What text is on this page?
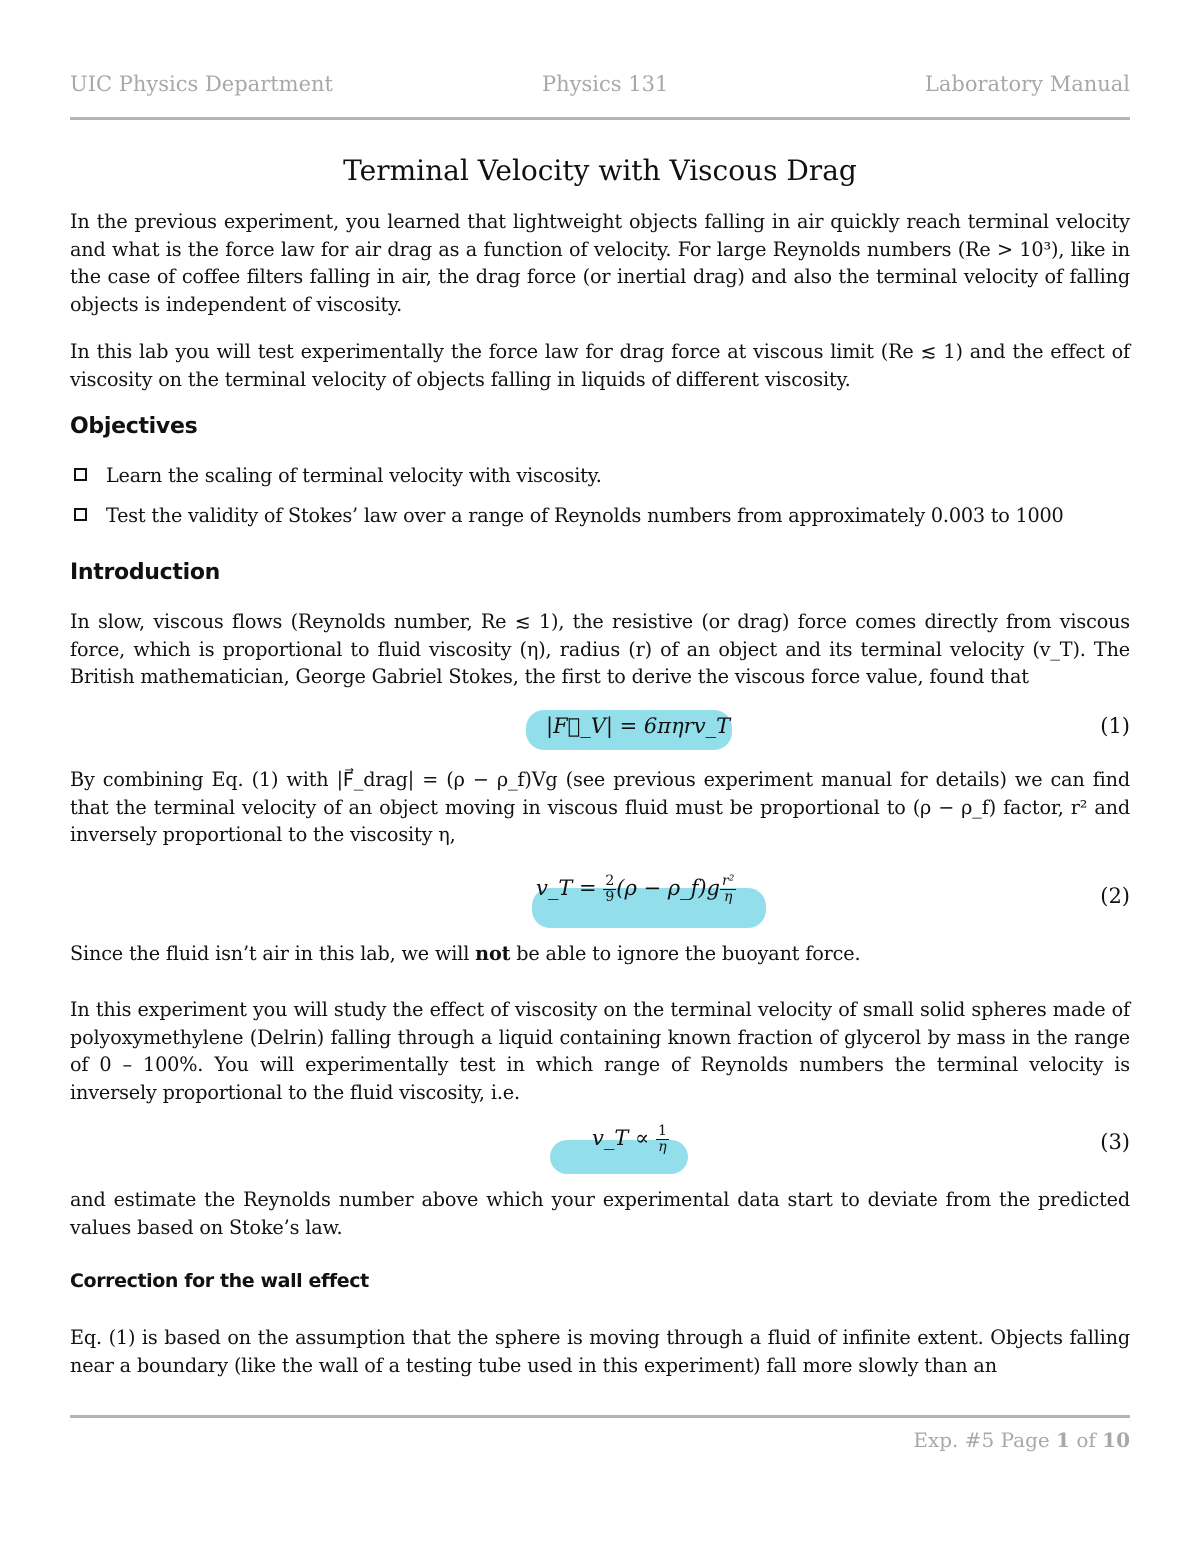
UIC Physics Department	Physics 131	Laboratory Manual
Terminal Velocity with Viscous Drag

In the previous experiment, you learned that lightweight objects falling in air quickly reach terminal velocity and what is the force law for air drag as a function of velocity. For large Reynolds numbers (Re > 10³), like in the case of coffee filters falling in air, the drag force (or inertial drag) and also the terminal velocity of falling objects is independent of viscosity.

In this lab you will test experimentally the force law for drag force at viscous limit (Re ≲ 1) and the effect of viscosity on the terminal velocity of objects falling in liquids of different viscosity.

Objectives
Learn the scaling of terminal velocity with viscosity.
Test the validity of Stokes’ law over a range of Reynolds numbers from approximately 0.003 to 1000
Introduction

In slow, viscous flows (Reynolds number, Re ≲ 1), the resistive (or drag) force comes directly from viscous force, which is proportional to fluid viscosity (η), radius (r) of an object and its terminal velocity (v_T). The British mathematician, George Gabriel Stokes, the first to derive the viscous force value, found that

|F⃗_V| = 6πηrv_T	(1)

By combining Eq. (1) with |F⃗_drag| = (ρ − ρ_f)Vg (see previous experiment manual for details) we can find that the terminal velocity of an object moving in viscous fluid must be proportional to (ρ − ρ_f) factor, r² and inversely proportional to the viscosity η,

v_T = $\frac{2}{9} (\rho$ − ρ_f)g $\frac{\text{r²}}{\eta}$	(2)

Since the fluid isn’t air in this lab, we will not be able to ignore the buoyant force.

In this experiment you will study the effect of viscosity on the terminal velocity of small solid spheres made of polyoxymethylene (Delrin) falling through a liquid containing known fraction of glycerol by mass in the range of 0 – 100%. You will experimentally test in which range of Reynolds numbers the terminal velocity is inversely proportional to the fluid viscosity, i.e.

v_T ∝ $\frac{1}{\eta}$	(3)

and estimate the Reynolds number above which your experimental data start to deviate from the predicted values based on Stoke’s law.

Correction for the wall effect

Eq. (1) is based on the assumption that the sphere is moving through a fluid of infinite extent. Objects falling near a boundary (like the wall of a testing tube used in this experiment) fall more slowly than an

Exp. #5 Page 1 of 10
